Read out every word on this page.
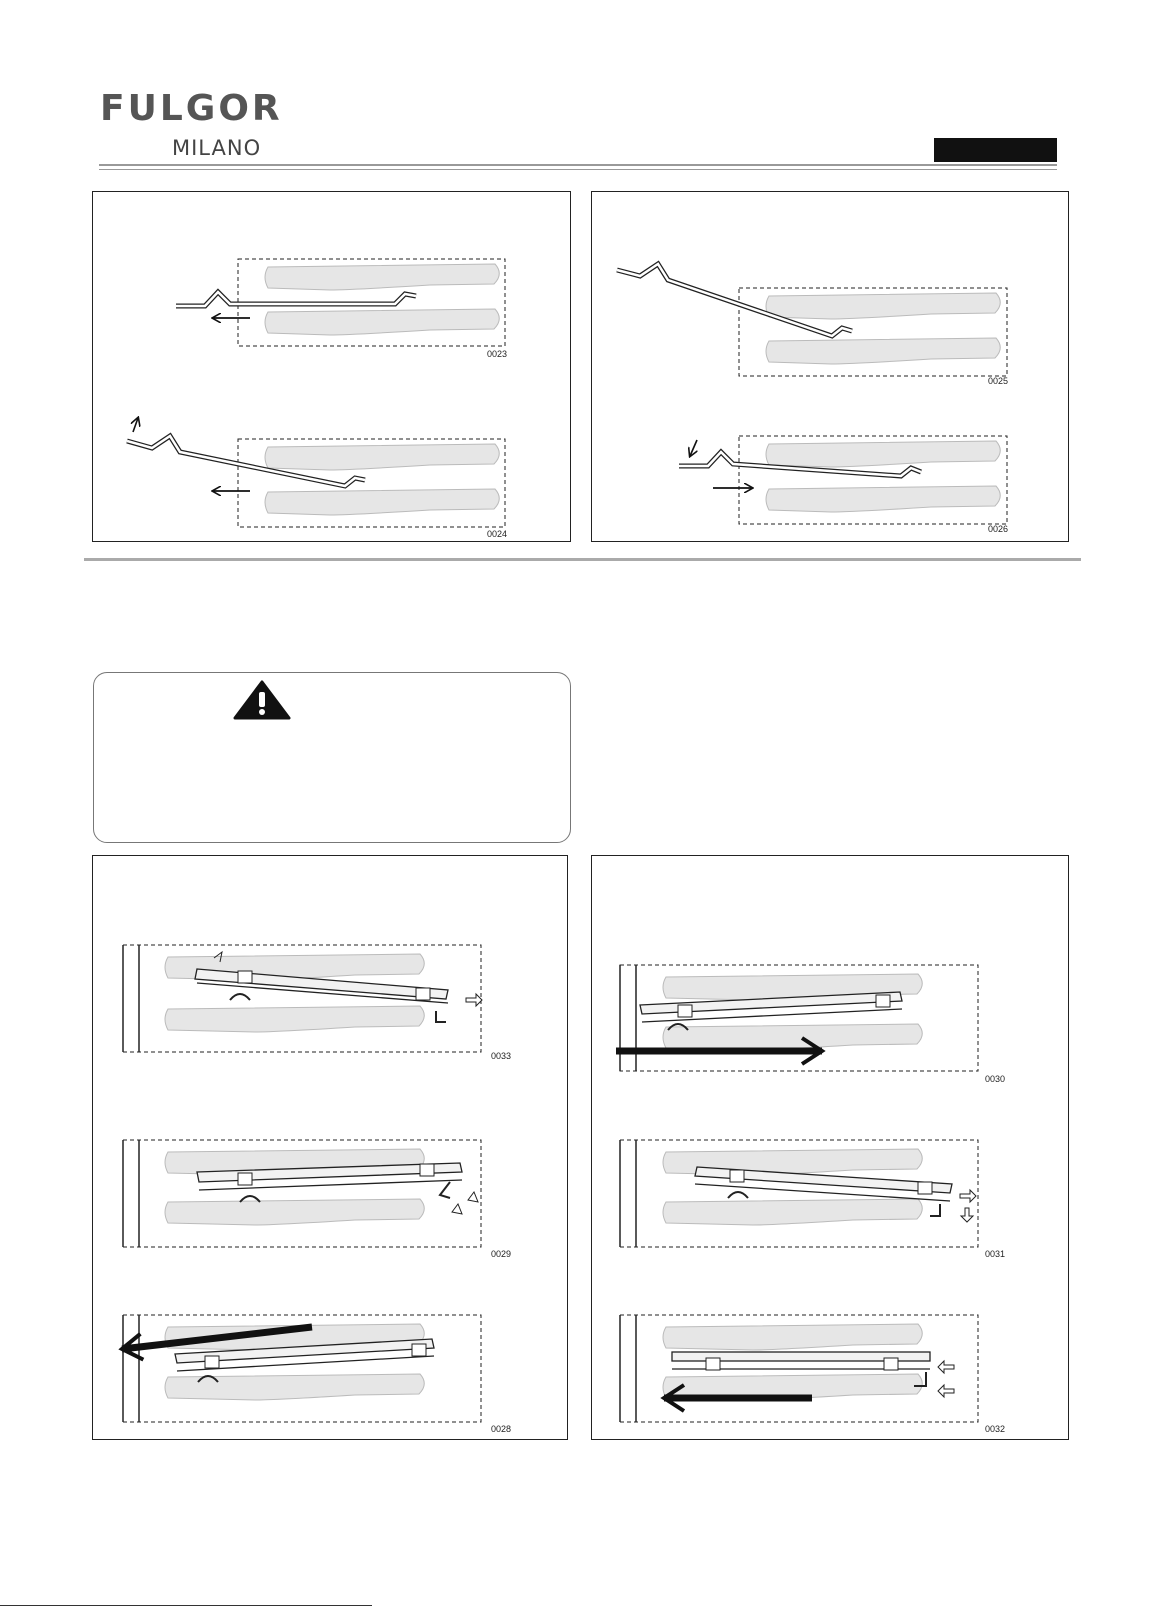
FULGOR
MILANO
0023
0024
0025
0026
0033
0029
0028
0030
0031
0032
